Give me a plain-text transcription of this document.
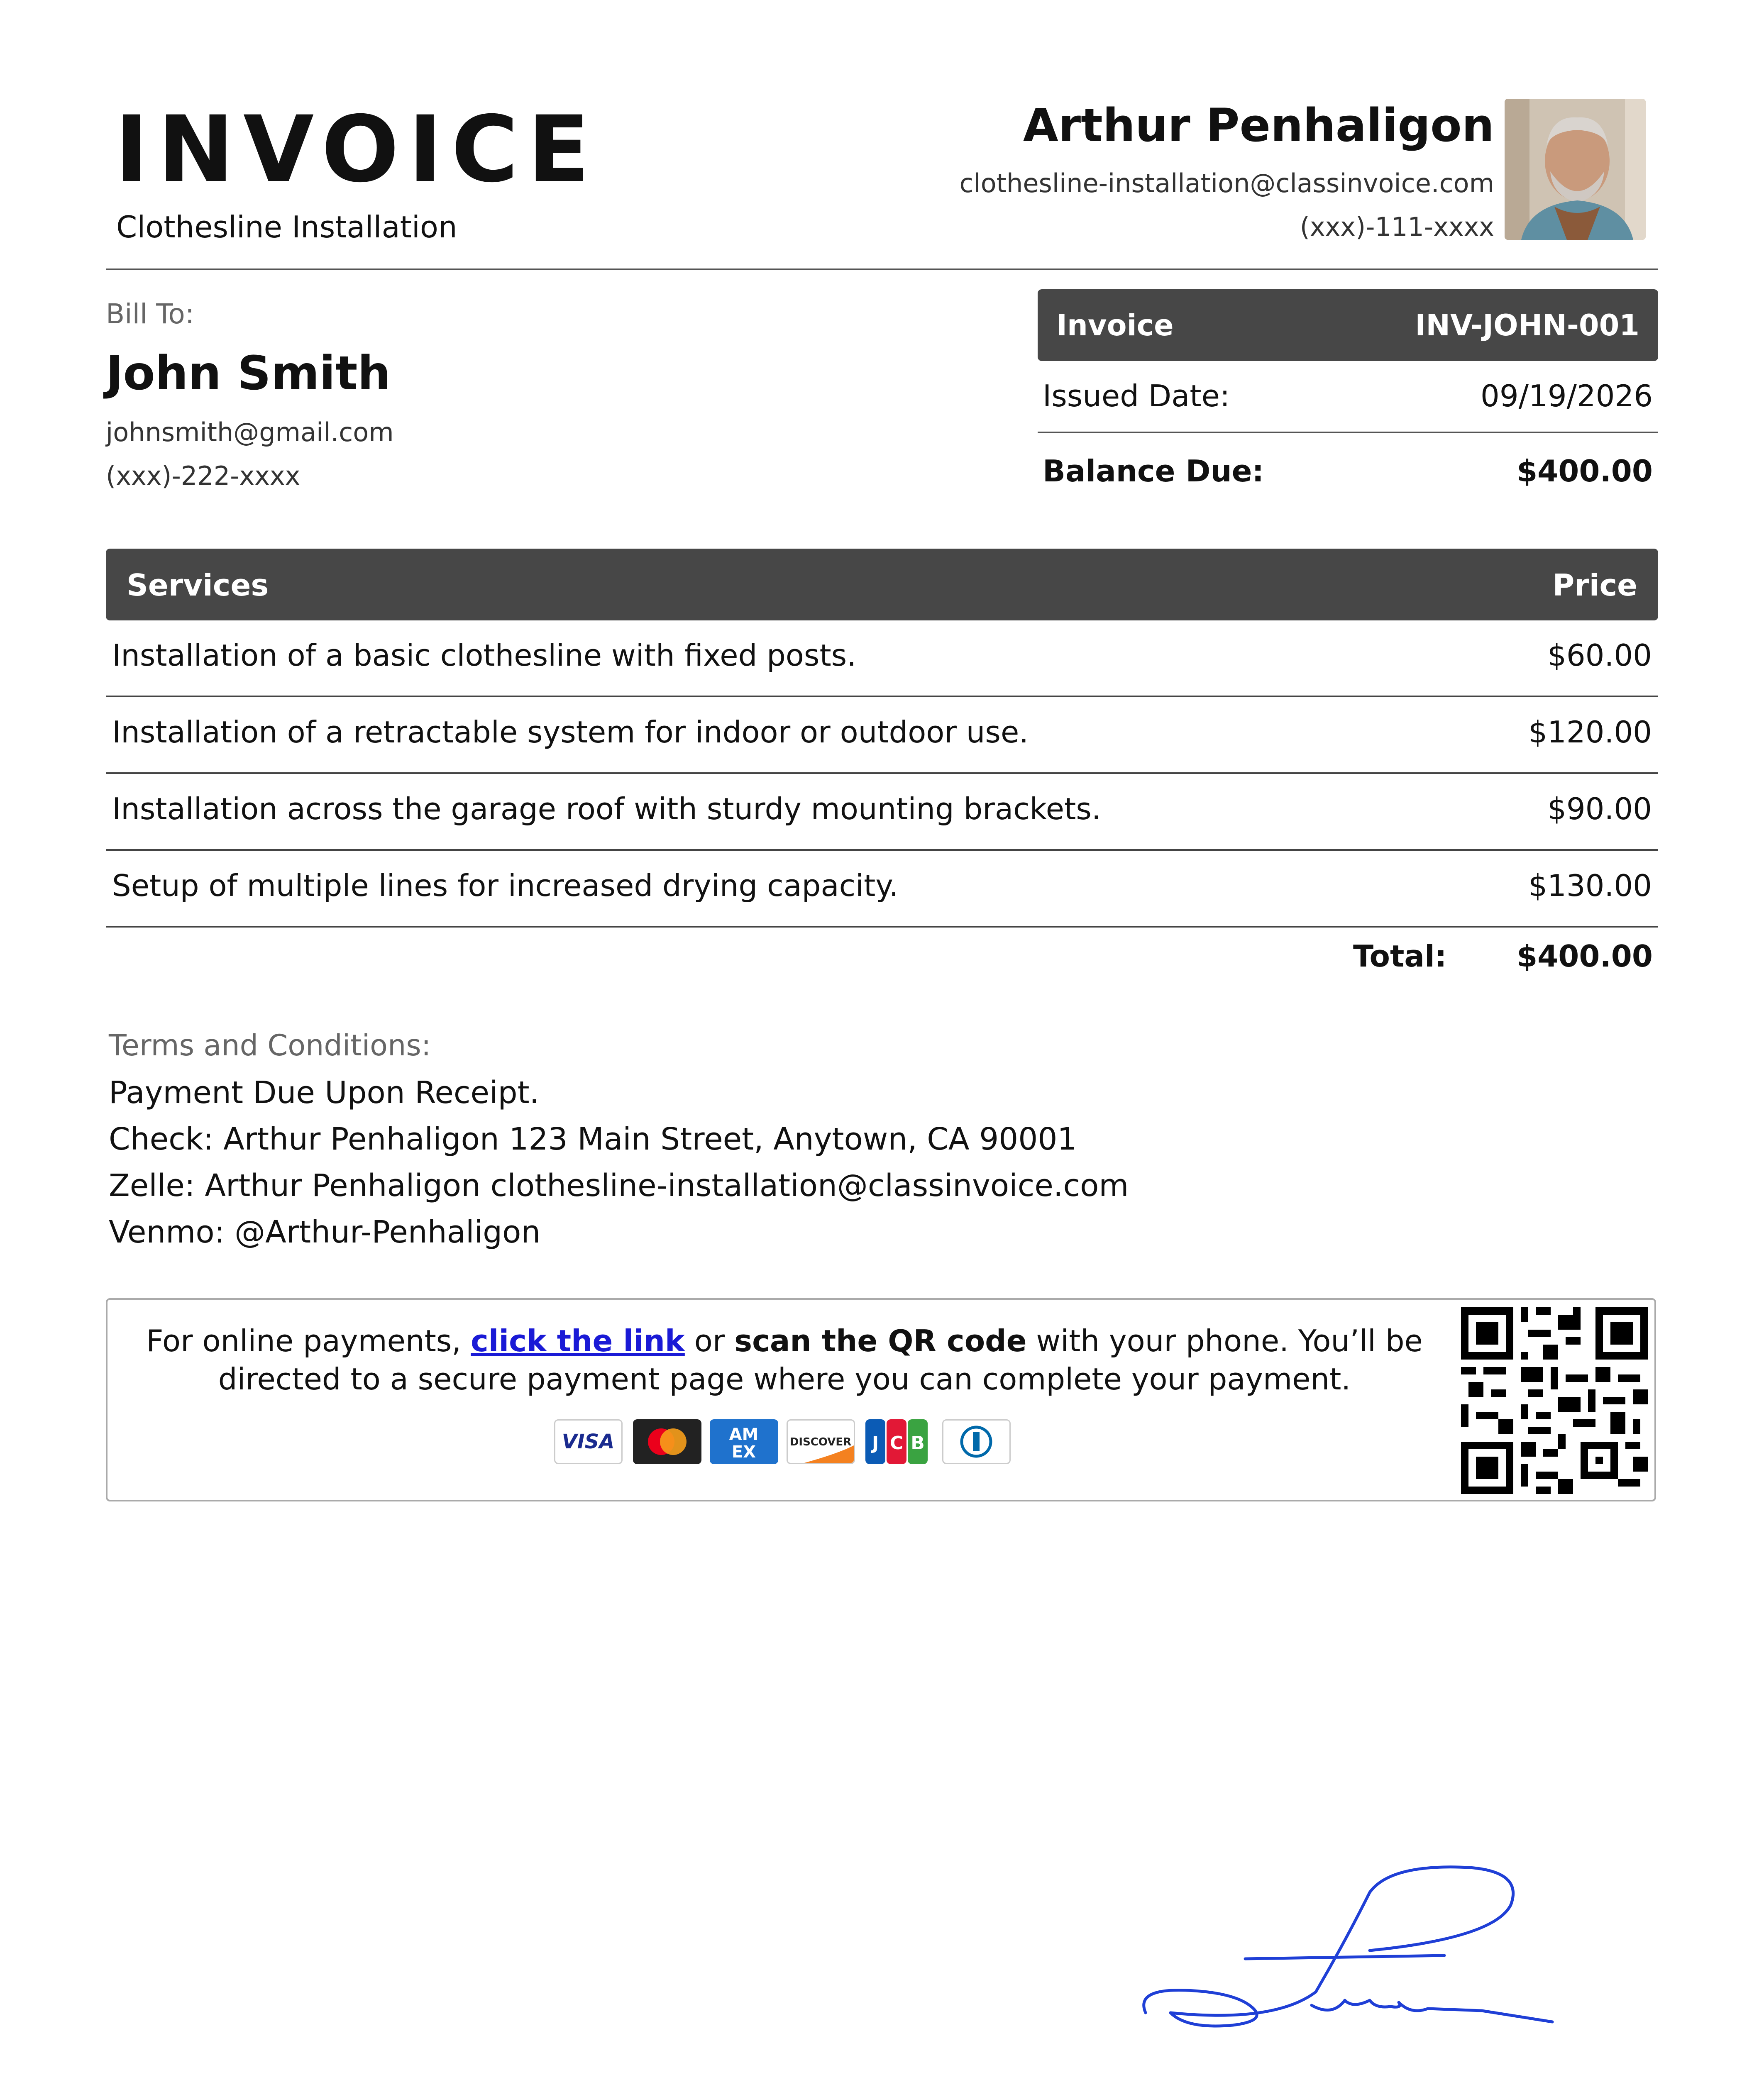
INVOICE
Clothesline Installation
Arthur Penhaligon
clothesline-installation@classinvoice.com
(xxx)-111-xxxx
Bill To:
John Smith
johnsmith@gmail.com
(xxx)-222-xxxx
Invoice	INV-JOHN-001
Issued Date:	09/19/2026
Balance Due:	$400.00
Services	Price
Installation of a basic clothesline with fixed posts.	$60.00
Installation of a retractable system for indoor or outdoor use.	$120.00
Installation across the garage roof with sturdy mounting brackets.	$90.00
Setup of multiple lines for increased drying capacity.	$130.00
Total: $400.00
Terms and Conditions:
Payment Due Upon Receipt.
Check: Arthur Penhaligon 123 Main Street, Anytown, CA 90001
Zelle: Arthur Penhaligon clothesline-installation@classinvoice.com
Venmo: @Arthur-Penhaligon
For online payments, click the link or scan the QR code with your phone. You’ll be directed to a secure payment page where you can complete your payment.
VISA	AM
EX
DISCOVER J C B
